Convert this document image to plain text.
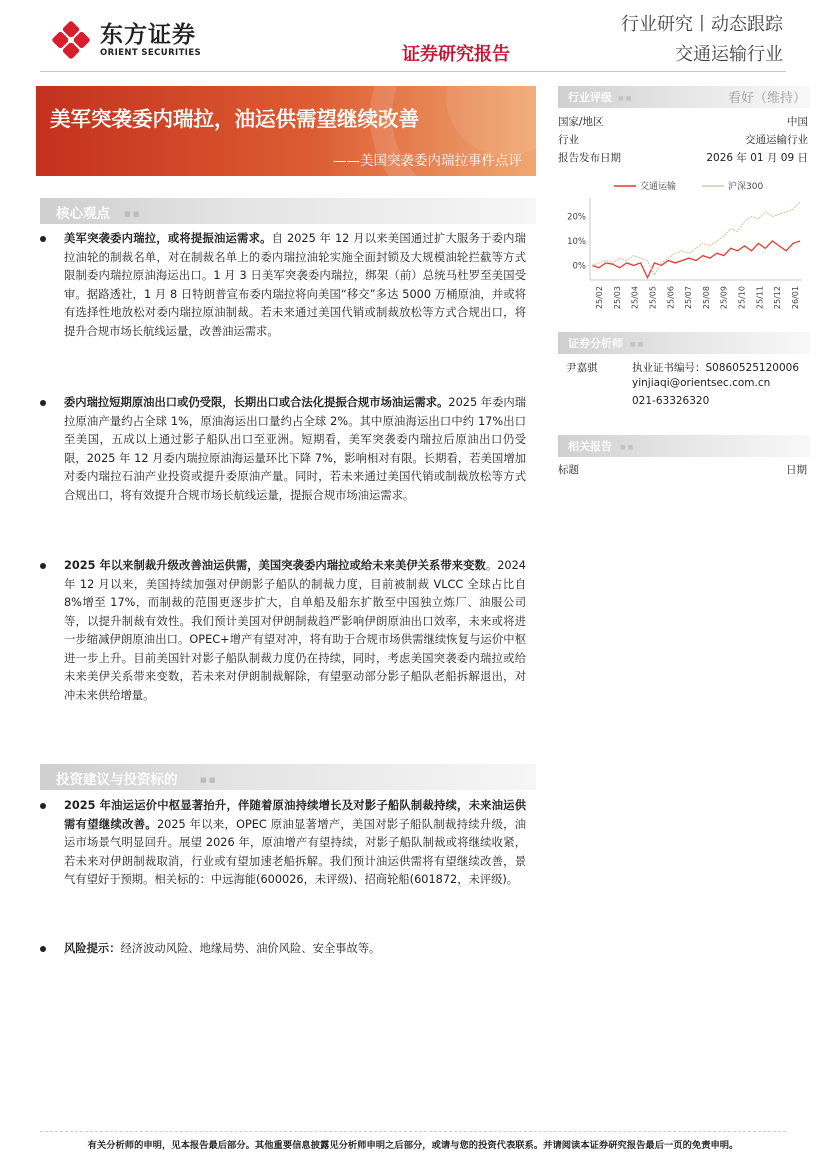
东方证券
ORIENT SECURITIES	证券研究报告
行业研究丨动态跟踪
交通运输行业
美军突袭委内瑞拉，油运供需望继续改善
——美国突袭委内瑞拉事件点评
核心观点 ■ ■
美军突袭委内瑞拉，或将提振油运需求。自 2025 年 12 月以来美国通过扩大服务于委内瑞拉油轮的制裁名单，对在制裁名单上的委内瑞拉油轮实施全面封锁及大规模油轮拦截等方式限制委内瑞拉原油海运出口。1 月 3 日美军突袭委内瑞拉，绑架（前）总统马杜罗至美国受审。据路透社，1 月 8 日特朗普宣布委内瑞拉将向美国“移交”多达 5000 万桶原油，并或将有选择性地放松对委内瑞拉原油制裁。若未来通过美国代销或制裁放松等方式合规出口，将提升合规市场长航线运量，改善油运需求。
委内瑞拉短期原油出口或仍受限，长期出口或合法化提振合规市场油运需求。2025 年委内瑞拉原油产量约占全球 1%，原油海运出口量约占全球 2%。其中原油海运出口中约 17%出口至美国，五成以上通过影子船队出口至亚洲。短期看，美军突袭委内瑞拉后原油出口仍受限，2025 年 12 月委内瑞拉原油海运量环比下降 7%，影响相对有限。长期看，若美国增加对委内瑞拉石油产业投资或提升委原油产量。同时，若未来通过美国代销或制裁放松等方式合规出口，将有效提升合规市场长航线运量，提振合规市场油运需求。
2025 年以来制裁升级改善油运供需，美国突袭委内瑞拉或给未来美伊关系带来变数。2024 年 12 月以来，美国持续加强对伊朗影子船队的制裁力度，目前被制裁 VLCC 全球占比自 8%增至 17%，而制裁的范围更逐步扩大，自单船及船东扩散至中国独立炼厂、油服公司等，以提升制裁有效性。我们预计美国对伊朗制裁趋严影响伊朗原油出口效率，未来或将进一步缩减伊朗原油出口。OPEC+增产有望对冲，将有助于合规市场供需继续恢复与运价中枢进一步上升。目前美国针对影子船队制裁力度仍在持续，同时，考虑美国突袭委内瑞拉或给未来美伊关系带来变数，若未来对伊朗制裁解除，有望驱动部分影子船队老船拆解退出，对冲未来供给增量。
投资建议与投资标的	■ ■
2025 年油运运价中枢显著抬升，伴随着原油持续增长及对影子船队制裁持续，未来油运供需有望继续改善。2025 年以来，OPEC 原油显著增产，美国对影子船队制裁持续升级，油运市场景气明显回升。展望 2026 年，原油增产有望持续，对影子船队制裁或将继续收紧，若未来对伊朗制裁取消，行业或有望加速老船拆解。我们预计油运供需将有望继续改善，景气有望好于预期。相关标的：中远海能(600026，未评级)、招商轮船(601872，未评级)。
风险提示：经济波动风险、地缘局势、油价风险、安全事故等。
行业评级 ■ ■	看好（维持）
国家/地区	中国
行业	交通运输行业
报告发布日期	2026 年 01 月 09 日
交通运输	沪深300
20%
10%
0%
25/02 25/03 25/04 25/05 25/06 25/07 25/08 25/09 25/10 25/11 25/12 26/01
证券分析师 ■ ■
尹嘉骐	执业证书编号：S0860525120006
yinjiaqi@orientsec.com.cn
021-63326320
相关报告 ■ ■
标题	日期
有关分析师的申明，见本报告最后部分。其他重要信息披露见分析师申明之后部分，或请与您的投资代表联系。并请阅读本证券研究报告最后一页的免责申明。
